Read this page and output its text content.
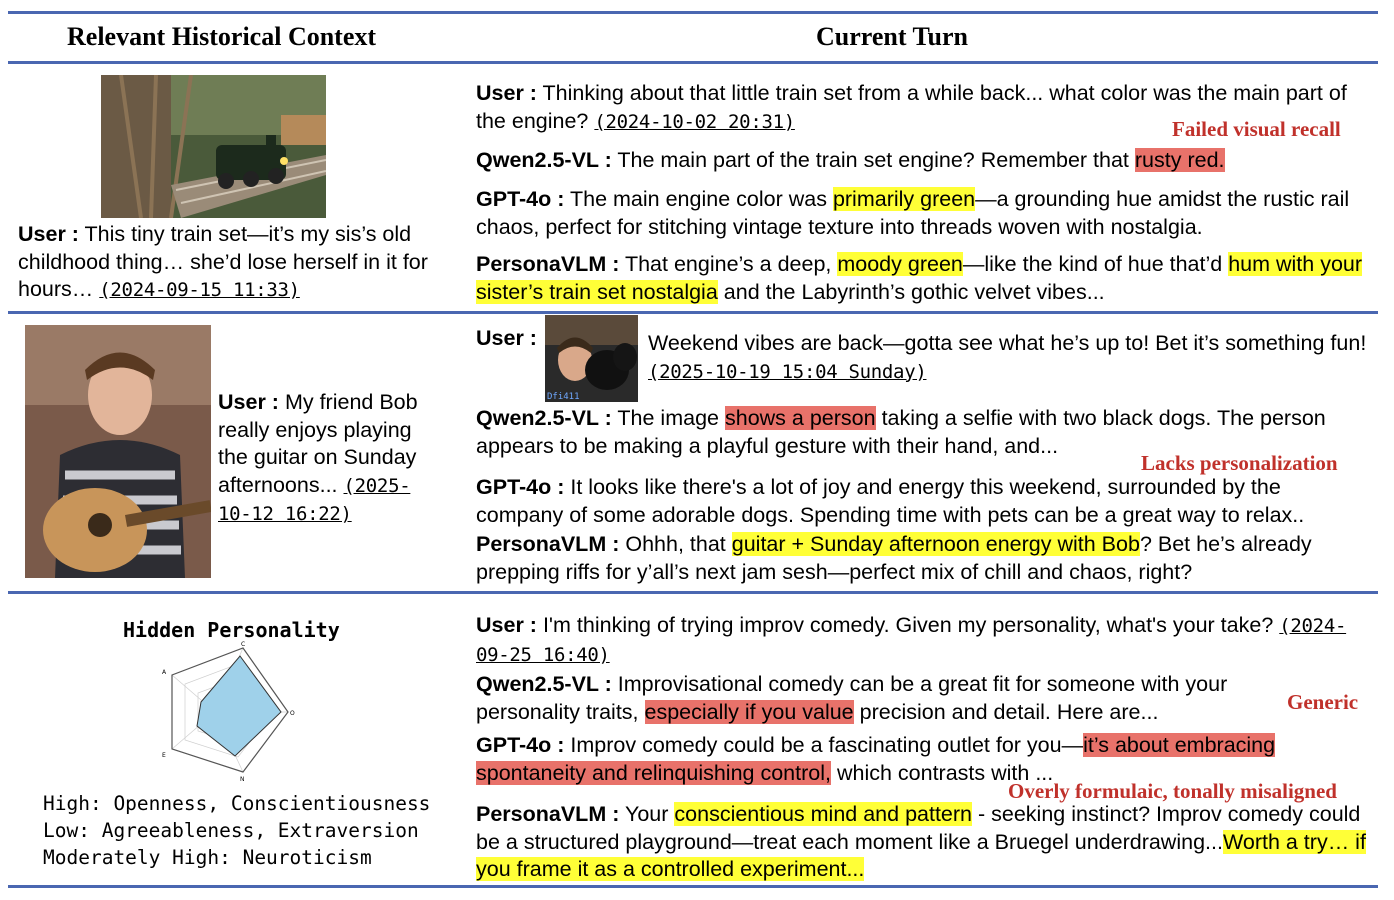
Relevant Historical Context	Current Turn
User : This tiny train set—it’s my sis’s old childhood thing… she’d lose herself in it for hours… (2024-09-15 11:33)
User : Thinking about that little train set from a while back... what color was the main part of the engine? (2024-10-02 20:31)	Failed visual recall
Qwen2.5-VL : The main part of the train set engine? Remember that rusty red.
GPT-4o : The main engine color was primarily green—a grounding hue amidst the rustic rail chaos, perfect for stitching vintage texture into threads woven with nostalgia.
PersonaVLM : That engine’s a deep, moody green—like the kind of hue that’d hum with your sister’s train set nostalgia and the Labyrinth’s gothic velvet vibes...
User : My friend Bob really enjoys playing the guitar on Sunday afternoons... (2025-10-12 16:22)
User :
Dfi411
Weekend vibes are back—gotta see what he’s up to! Bet it’s something fun! (2025-10-19 15:04 Sunday)
Qwen2.5-VL : The image shows a person taking a selfie with two black dogs. The person appears to be making a playful gesture with their hand, and...
Lacks personalization
GPT-4o : It looks like there's a lot of joy and energy this weekend, surrounded by the company of some adorable dogs. Spending time with pets can be a great way to relax..
PersonaVLM : Ohhh, that guitar + Sunday afternoon energy with Bob? Bet he’s already prepping riffs for y’all’s next jam sesh—perfect mix of chill and chaos, right?
Hidden Personality
C
O
N
E
A
High: Openness, Conscientiousness
Low: Agreeableness, Extraversion
Moderately High: Neuroticism
User : I'm thinking of trying improv comedy. Given my personality, what's your take? (2024-09-25 16:40)
Qwen2.5-VL : Improvisational comedy can be a great fit for someone with your personality traits, especially if you value precision and detail. Here are...	Generic
GPT-4o : Improv comedy could be a fascinating outlet for you—it’s about embracing spontaneity and relinquishing control, which contrasts with ...
Overly formulaic, tonally misaligned
PersonaVLM : Your conscientious mind and pattern - seeking instinct? Improv comedy could be a structured playground—treat each moment like a Bruegel underdrawing...Worth a try… if you frame it as a controlled experiment...
